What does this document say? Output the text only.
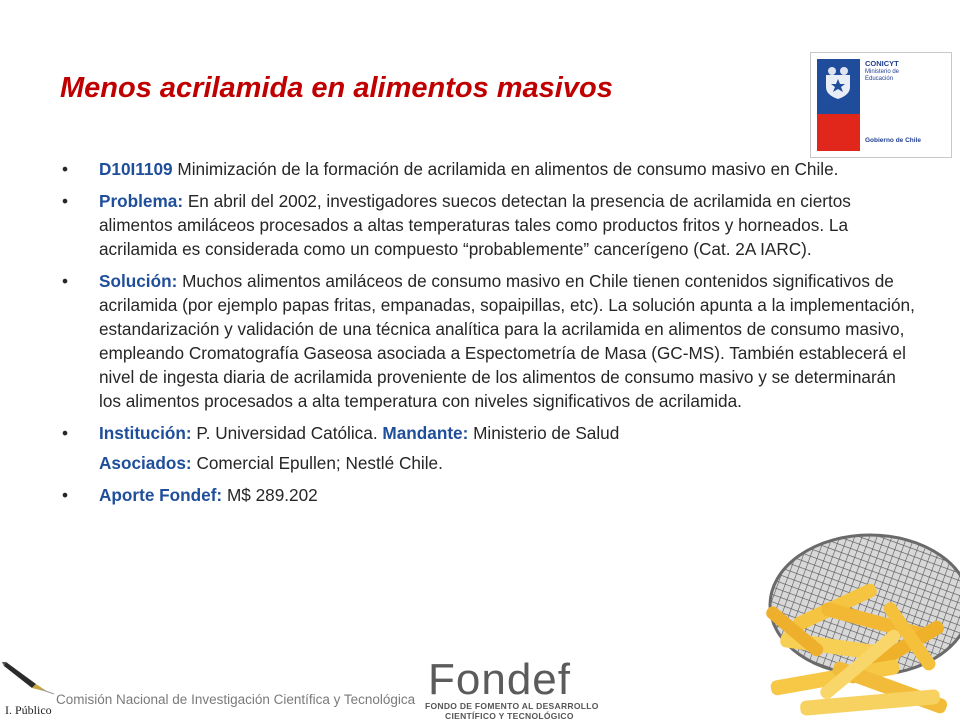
Menos acrilamida en alimentos masivos
CONICYT
Ministerio de Educación
Gobierno de Chile
• D10I1109 Minimización de la formación de acrilamida en alimentos de consumo masivo en Chile.
• Problema: En abril del 2002, investigadores suecos detectan la presencia de acrilamida en ciertos alimentos amiláceos procesados a altas temperaturas tales como productos fritos y horneados. La acrilamida es considerada como un compuesto “probablemente” cancerígeno (Cat. 2A IARC).
• Solución: Muchos alimentos amiláceos de consumo masivo en Chile tienen contenidos significativos de acrilamida (por ejemplo papas fritas, empanadas, sopaipillas, etc). La solución apunta a la implementación, estandarización y validación de una técnica analítica para la acrilamida en alimentos de consumo masivo, empleando Cromatografía Gaseosa asociada a Espectometría de Masa (GC-MS). También establecerá el nivel de ingesta diaria de acrilamida proveniente de los alimentos de consumo masivo y se determinarán los alimentos procesados a alta temperatura con niveles significativos de acrilamida.
• Institución: P. Universidad Católica. Mandante: Ministerio de Salud
Asociados: Comercial Epullen; Nestlé Chile.
• Aporte Fondef: M$ 289.202
Comisión Nacional de Investigación Científica y Tecnológica
I. Público
Fondef
FONDO DE FOMENTO AL DESARROLLO
CIENTÍFICO Y TECNOLÓGICO
